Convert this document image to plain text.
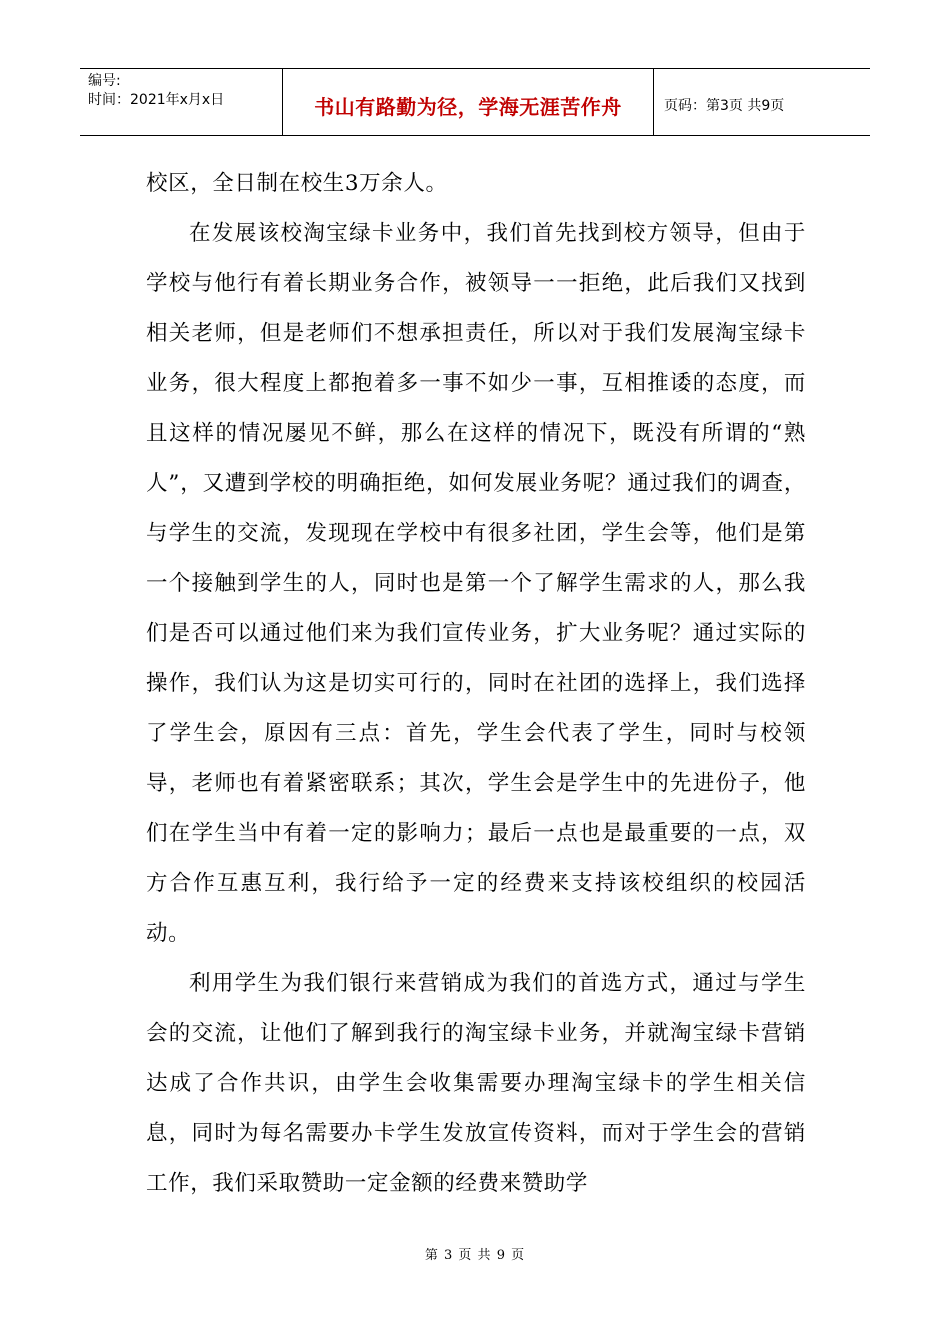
编号:
时间：2021年x月x日	书山有路勤为径，学海无涯苦作舟	页码：第3页 共9页

校区，全日制在校生3万余人。

在发展该校淘宝绿卡业务中，我们首先找到校方领导，但由于学校与他行有着长期业务合作，被领导一一拒绝，此后我们又找到相关老师，但是老师们不想承担责任，所以对于我们发展淘宝绿卡业务，很大程度上都抱着多一事不如少一事，互相推诿的态度，而且这样的情况屡见不鲜，那么在这样的情况下，既没有所谓的“熟人”，又遭到学校的明确拒绝，如何发展业务呢？通过我们的调查，与学生的交流，发现现在学校中有很多社团，学生会等，他们是第一个接触到学生的人，同时也是第一个了解学生需求的人，那么我们是否可以通过他们来为我们宣传业务，扩大业务呢？通过实际的操作，我们认为这是切实可行的，同时在社团的选择上，我们选择了学生会，原因有三点：首先，学生会代表了学生，同时与校领导，老师也有着紧密联系；其次，学生会是学生中的先进份子，他们在学生当中有着一定的影响力；最后一点也是最重要的一点，双方合作互惠互利，我行给予一定的经费来支持该校组织的校园活动。

利用学生为我们银行来营销成为我们的首选方式，通过与学生会的交流，让他们了解到我行的淘宝绿卡业务，并就淘宝绿卡营销达成了合作共识，由学生会收集需要办理淘宝绿卡的学生相关信息，同时为每名需要办卡学生发放宣传资料，而对于学生会的营销工作，我们采取赞助一定金额的经费来赞助学

第 3 页 共 9 页
